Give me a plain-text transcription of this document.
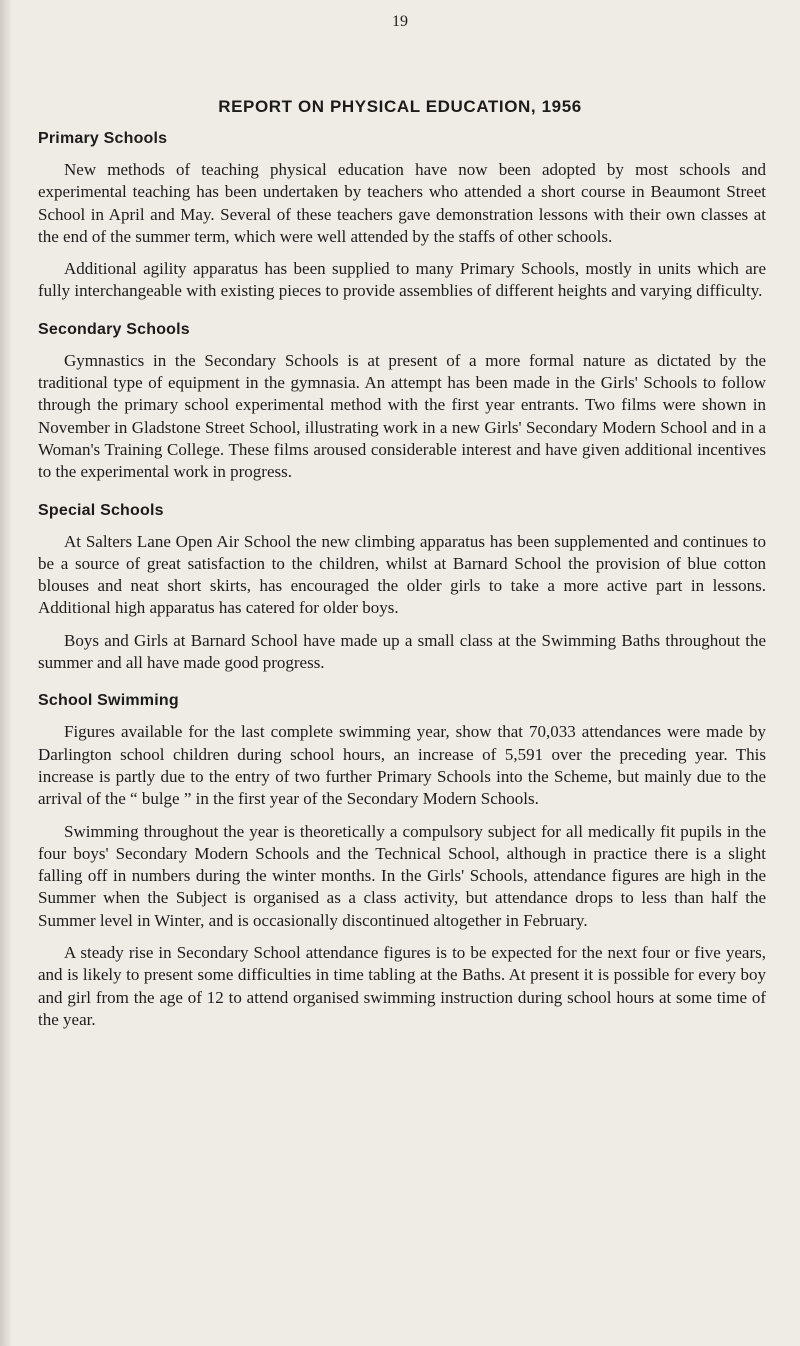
19
REPORT ON PHYSICAL EDUCATION, 1956
Primary Schools

New methods of teaching physical education have now been adopted by most schools and experimental teaching has been undertaken by teachers who attended a short course in Beaumont Street School in April and May. Several of these teachers gave demonstration lessons with their own classes at the end of the summer term, which were well attended by the staffs of other schools.

Additional agility apparatus has been supplied to many Primary Schools, mostly in units which are fully interchangeable with existing pieces to provide assemblies of different heights and varying difficulty.

Secondary Schools

Gymnastics in the Secondary Schools is at present of a more formal nature as dictated by the traditional type of equipment in the gymnasia. An attempt has been made in the Girls' Schools to follow through the primary school experimental method with the first year entrants. Two films were shown in November in Gladstone Street School, illustrating work in a new Girls' Secondary Modern School and in a Woman's Training College. These films aroused considerable interest and have given additional incentives to the experimental work in progress.

Special Schools

At Salters Lane Open Air School the new climbing apparatus has been supplemented and continues to be a source of great satisfaction to the children, whilst at Barnard School the provision of blue cotton blouses and neat short skirts, has encouraged the older girls to take a more active part in lessons. Additional high apparatus has catered for older boys.

Boys and Girls at Barnard School have made up a small class at the Swimming Baths throughout the summer and all have made good progress.

School Swimming

Figures available for the last complete swimming year, show that 70,033 attendances were made by Darlington school children during school hours, an increase of 5,591 over the preceding year. This increase is partly due to the entry of two further Primary Schools into the Scheme, but mainly due to the arrival of the “ bulge ” in the first year of the Secondary Modern Schools.

Swimming throughout the year is theoretically a compulsory subject for all medically fit pupils in the four boys' Secondary Modern Schools and the Technical School, although in practice there is a slight falling off in numbers during the winter months. In the Girls' Schools, attendance figures are high in the Summer when the Subject is organised as a class activity, but attendance drops to less than half the Summer level in Winter, and is occasionally discontinued altogether in February.

A steady rise in Secondary School attendance figures is to be expected for the next four or five years, and is likely to present some difficulties in time tabling at the Baths. At present it is possible for every boy and girl from the age of 12 to attend organised swimming instruction during school hours at some time of the year.
